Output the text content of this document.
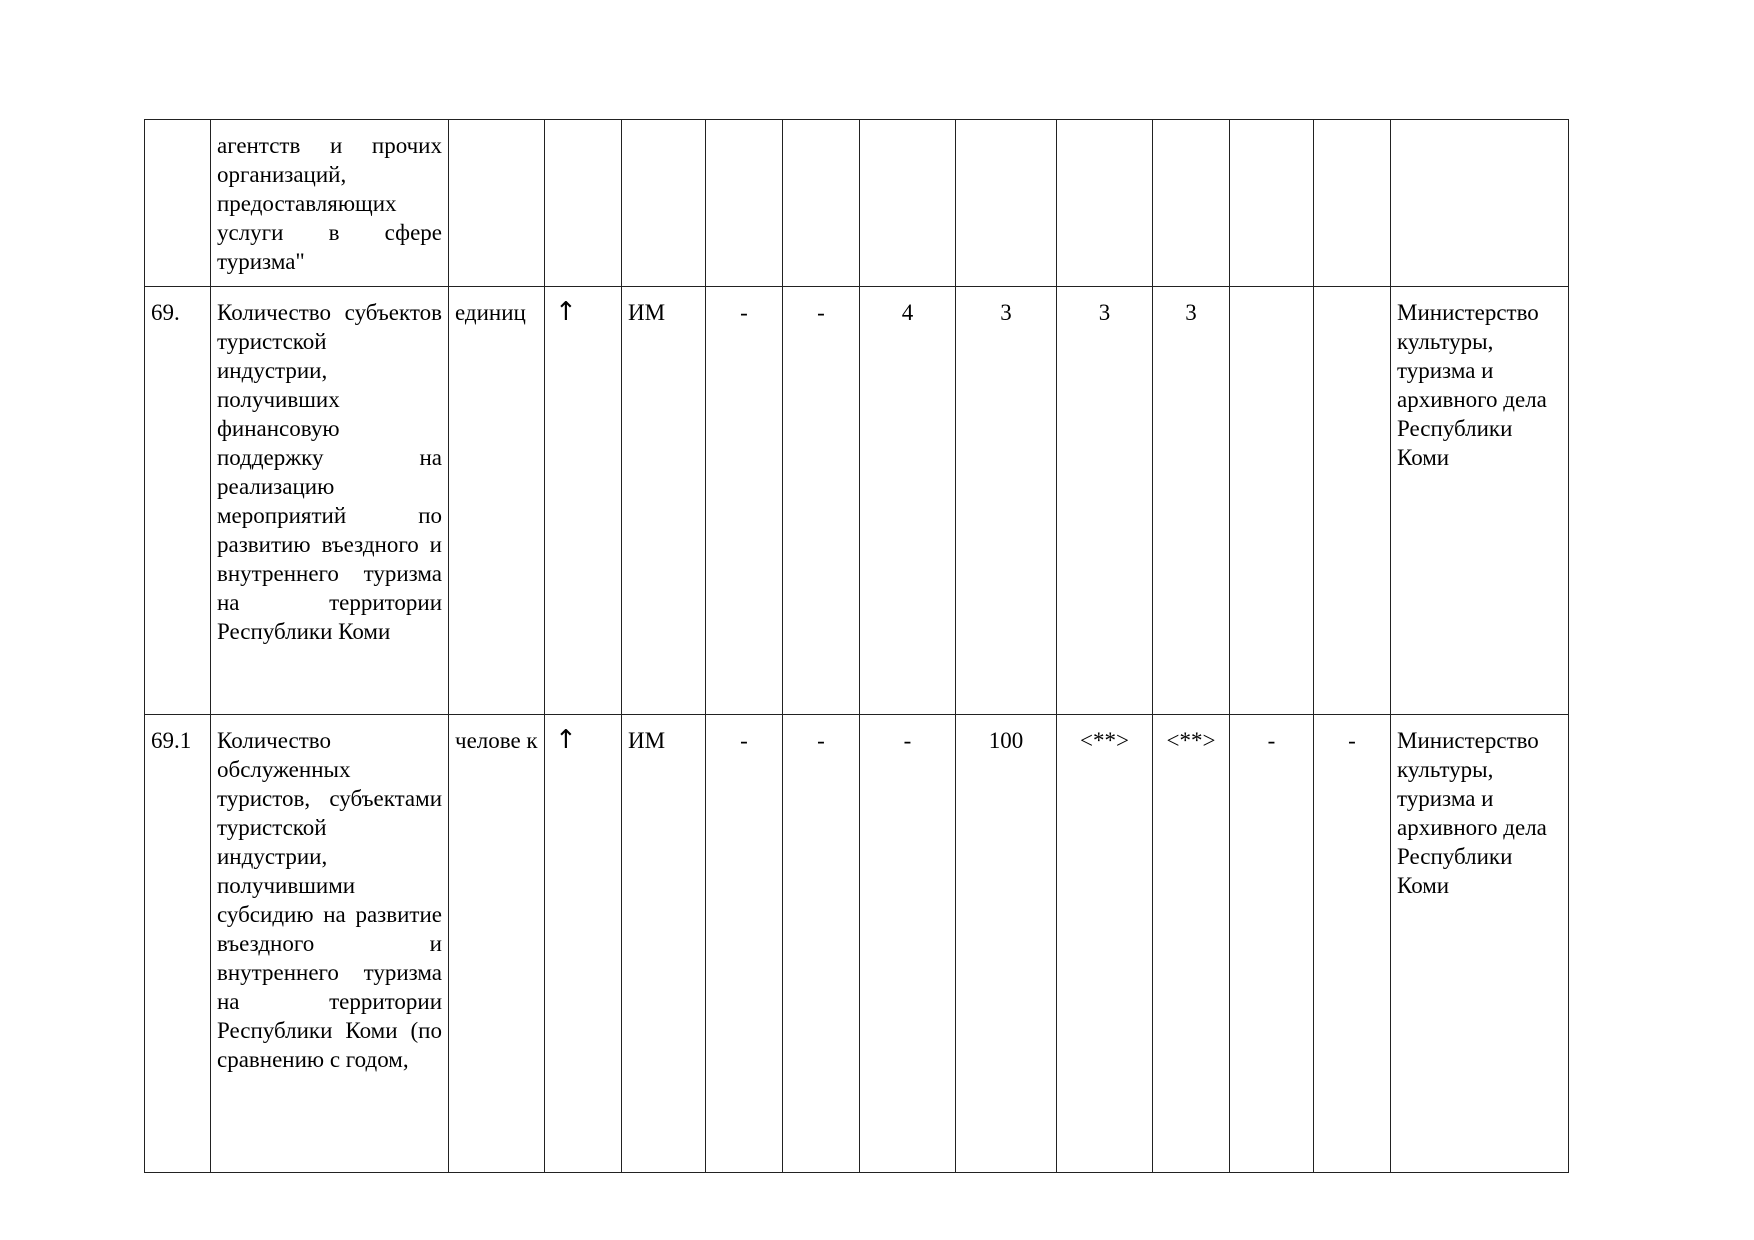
	агентств и прочих организаций, предоставляющих услуги в сфере туризма"												
69.	Количество субъектов туристской индустрии, получивших финансовую поддержку на реализацию мероприятий по развитию въездного и внутреннего туризма на территории Республики Коми	единиц	↑	ИМ	-	-	4	3	3	3			Министерство культуры, туризма и архивного дела Республики Коми
69.1	Количество обслуженных туристов, субъектами туристской индустрии, получившими субсидию на развитие въездного и внутреннего туризма на территории Республики Коми (по сравнению с годом,	челове к	↑	ИМ	-	-	-	100	<**>	<**>	-	-	Министерство культуры, туризма и архивного дела Республики Коми
